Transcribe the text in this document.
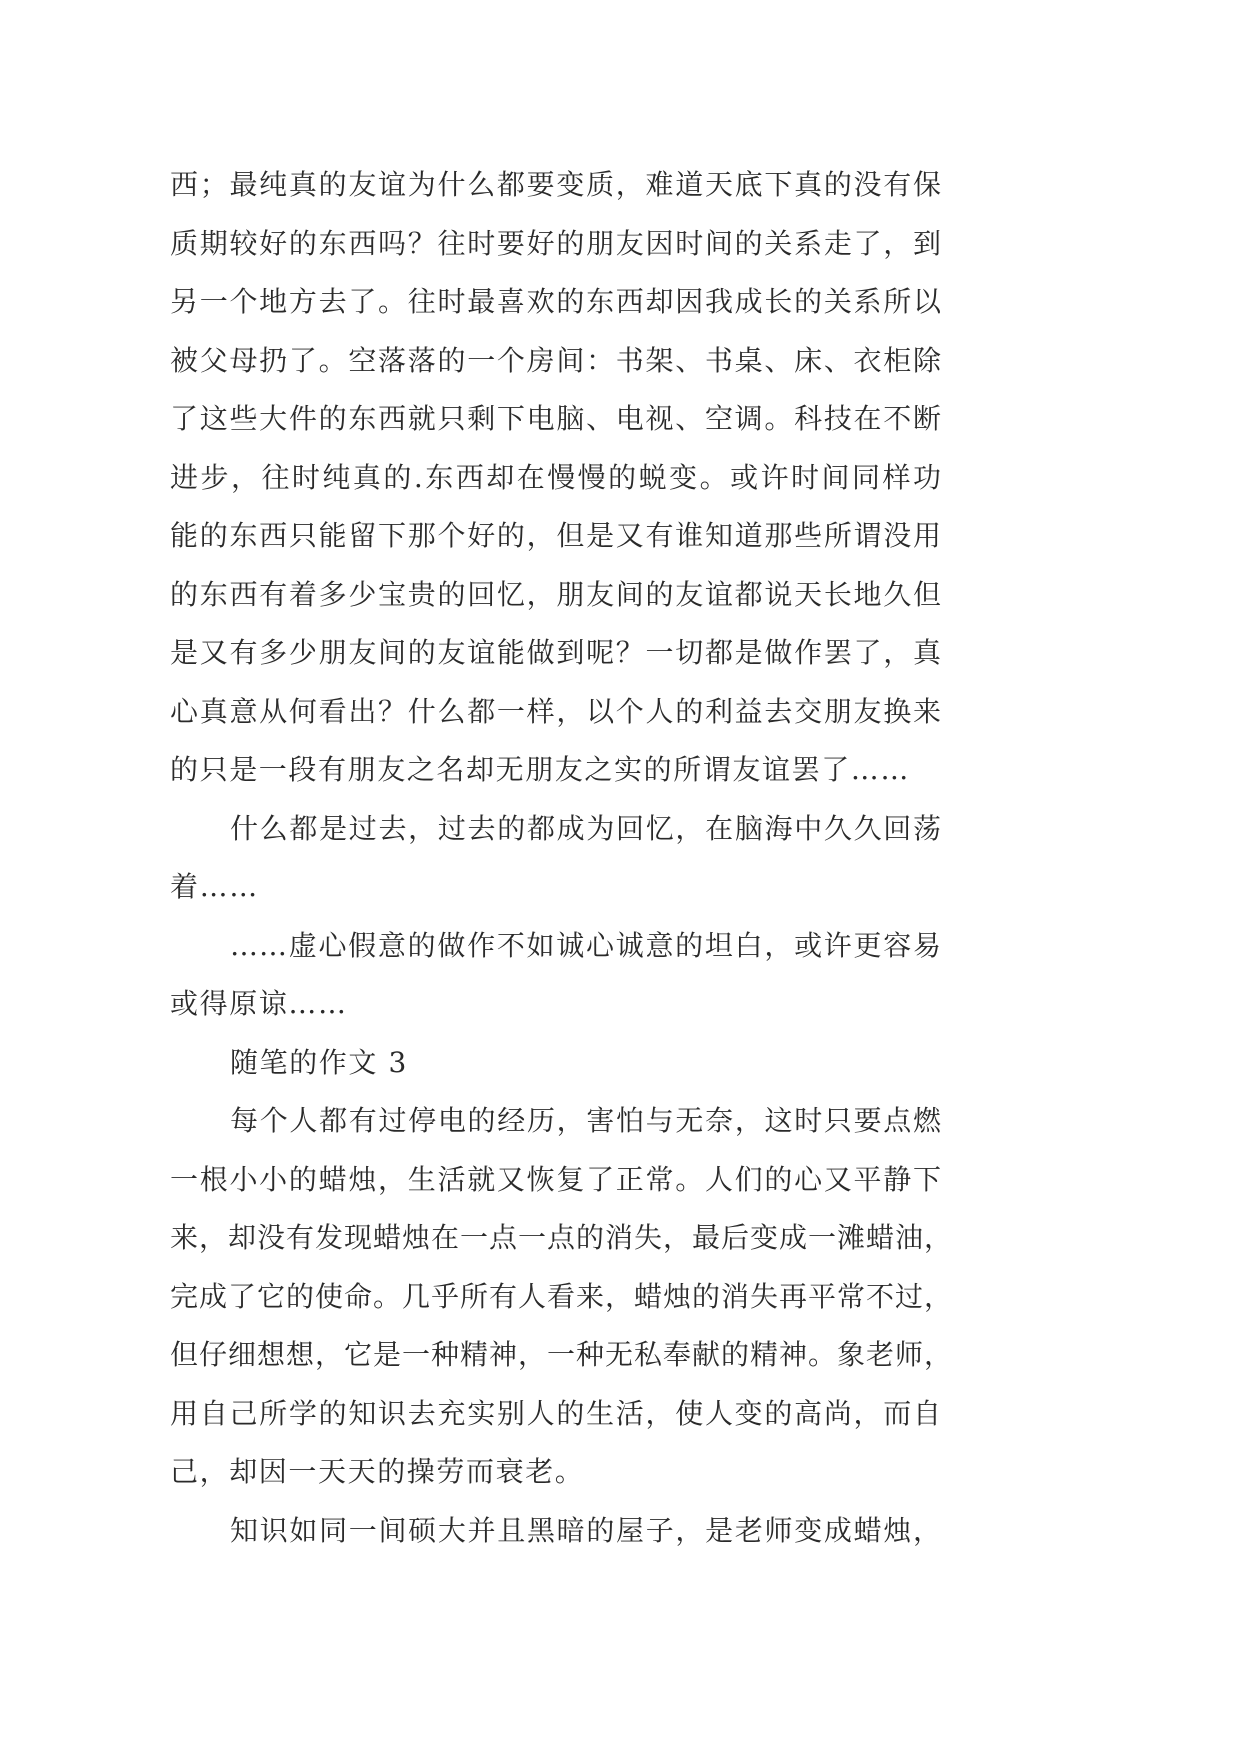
西；最纯真的友谊为什么都要变质，难道天底下真的没有保
质期较好的东西吗？往时要好的朋友因时间的关系走了，到
另一个地方去了。往时最喜欢的东西却因我成长的关系所以
被父母扔了。空落落的一个房间：书架、书桌、床、衣柜除
了这些大件的东西就只剩下电脑、电视、空调。科技在不断
进步，往时纯真的.东西却在慢慢的蜕变。或许时间同样功
能的东西只能留下那个好的，但是又有谁知道那些所谓没用
的东西有着多少宝贵的回忆，朋友间的友谊都说天长地久但
是又有多少朋友间的友谊能做到呢？一切都是做作罢了，真
心真意从何看出？什么都一样，以个人的利益去交朋友换来
的只是一段有朋友之名却无朋友之实的所谓友谊罢了……
什么都是过去，过去的都成为回忆，在脑海中久久回荡
着……
……虚心假意的做作不如诚心诚意的坦白，或许更容易
或得原谅……
随笔的作文 3
每个人都有过停电的经历，害怕与无奈，这时只要点燃
一根小小的蜡烛，生活就又恢复了正常。人们的心又平静下
来，却没有发现蜡烛在一点一点的消失，最后变成一滩蜡油，
完成了它的使命。几乎所有人看来，蜡烛的消失再平常不过，
但仔细想想，它是一种精神，一种无私奉献的精神。象老师，
用自己所学的知识去充实别人的生活，使人变的高尚，而自
己，却因一天天的操劳而衰老。
知识如同一间硕大并且黑暗的屋子，是老师变成蜡烛，
